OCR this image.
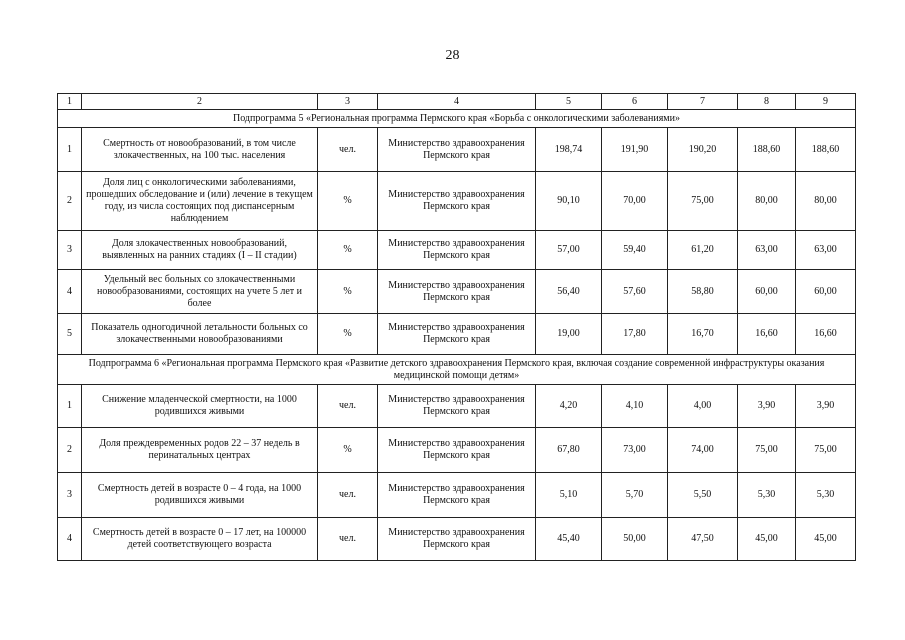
28
1	2	3	4	5	6	7	8	9
Подпрограмма 5 «Региональная программа Пермского края «Борьба с онкологическими заболеваниями»								
1	Смертность от новообразований, в том числе злокачественных, на 100 тыс. населения	чел.	Министерство здравоохранения Пермского края	198,74	191,90	190,20	188,60	188,60
2	Доля лиц с онкологическими заболеваниями, прошедших обследование и (или) лечение в текущем году, из числа состоящих под диспансерным наблюдением	%	Министерство здравоохранения Пермского края	90,10	70,00	75,00	80,00	80,00
3	Доля злокачественных новообразований, выявленных на ранних стадиях (I – II стадии)	%	Министерство здравоохранения Пермского края	57,00	59,40	61,20	63,00	63,00
4	Удельный вес больных со злокачественными новообразованиями, состоящих на учете 5 лет и более	%	Министерство здравоохранения Пермского края	56,40	57,60	58,80	60,00	60,00
5	Показатель одногодичной летальности больных со злокачественными новообразованиями	%	Министерство здравоохранения Пермского края	19,00	17,80	16,70	16,60	16,60
Подпрограмма 6 «Региональная программа Пермского края «Развитие детского здравоохранения Пермского края, включая создание современной инфраструктуры оказания медицинской помощи детям»								
1	Снижение младенческой смертности, на 1000 родившихся живыми	чел.	Министерство здравоохранения Пермского края	4,20	4,10	4,00	3,90	3,90
2	Доля преждевременных родов 22 – 37 недель в перинатальных центрах	%	Министерство здравоохранения Пермского края	67,80	73,00	74,00	75,00	75,00
3	Смертность детей в возрасте 0 – 4 года, на 1000 родившихся живыми	чел.	Министерство здравоохранения Пермского края	5,10	5,70	5,50	5,30	5,30
4	Смертность детей в возрасте 0 – 17 лет, на 100000 детей соответствующего возраста	чел.	Министерство здравоохранения Пермского края	45,40	50,00	47,50	45,00	45,00
